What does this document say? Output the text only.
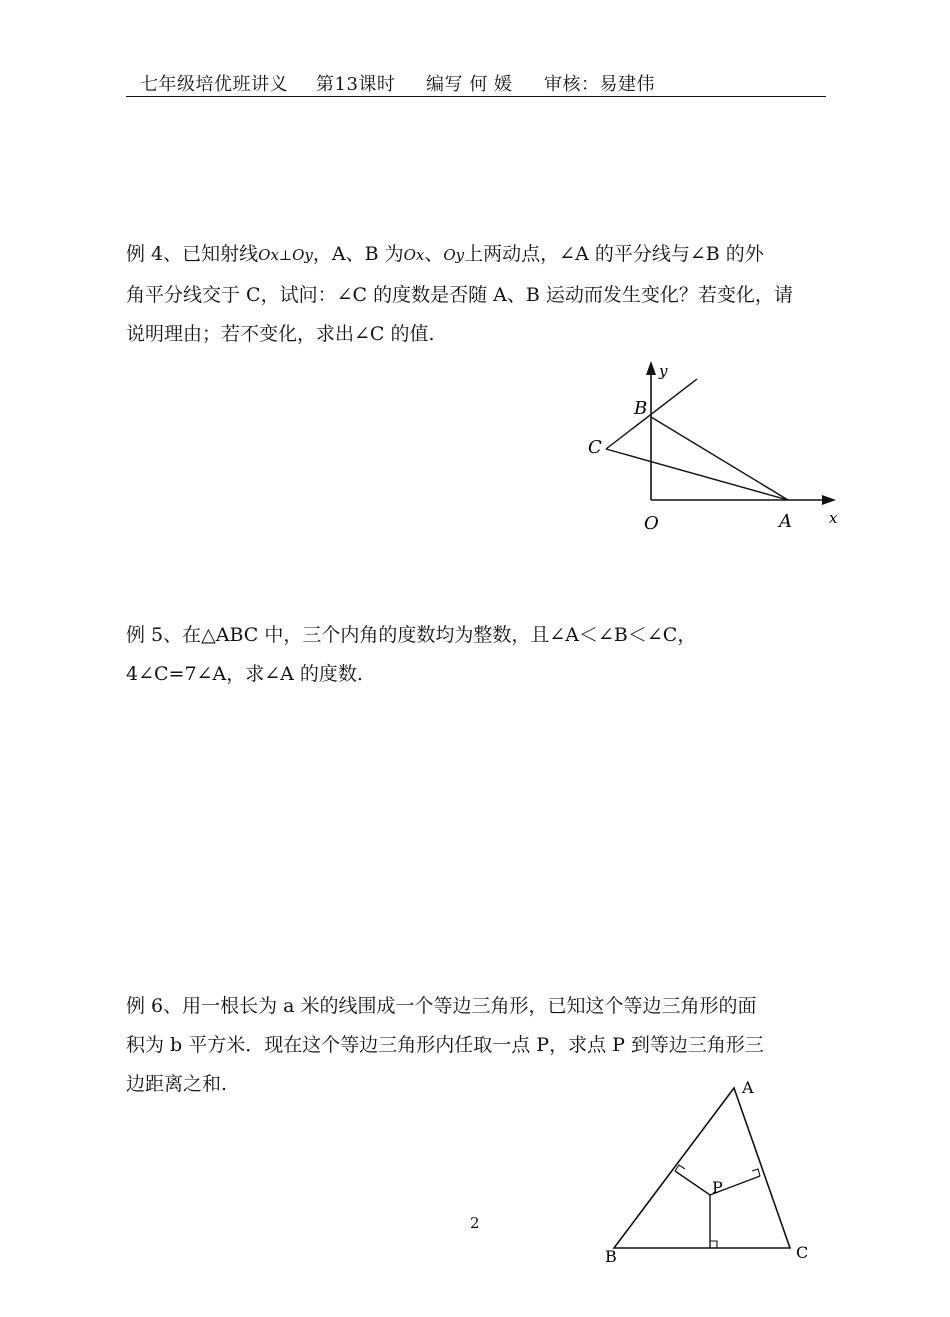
七年级培优班讲义 第13课时 编写 何 媛 审核：易建伟
例 4、已知射线Ox⊥Oy，A、B 为Ox、Oy上两动点，∠A 的平分线与∠B 的外
角平分线交于 C，试问：∠C 的度数是否随 A、B 运动而发生变化？若变化，请
说明理由；若不变化，求出∠C 的值.
y
x
B
C
O	A
例 5、在△ABC 中，三个内角的度数均为整数，且∠A＜∠B＜∠C，
4∠C=7∠A，求∠A 的度数.
例 6、用一根长为 a 米的线围成一个等边三角形，已知这个等边三角形的面
积为 b 平方米．现在这个等边三角形内任取一点 P，求点 P 到等边三角形三
边距离之和.	A
B	C
P
2
